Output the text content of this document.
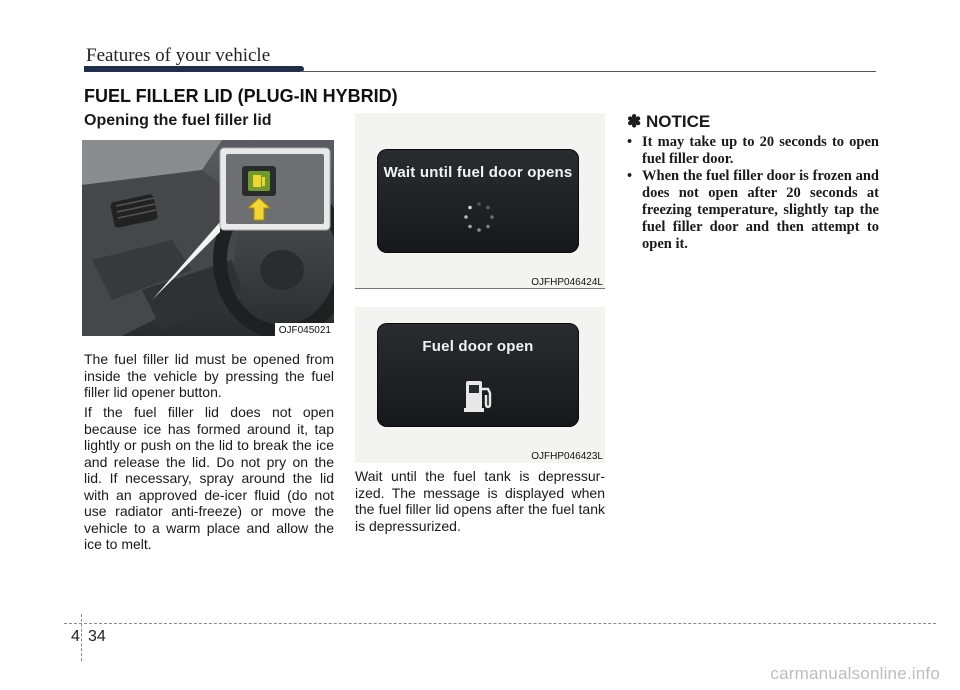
Features of your vehicle
FUEL FILLER LID (PLUG-IN HYBRID)
Opening the fuel filler lid
OJF045021
The fuel filler lid must be opened from inside the vehicle by pressing the fuel filler lid opener button.
If the fuel filler lid does not open because ice has formed around it, tap lightly or push on the lid to break the ice and release the lid. Do not pry on the lid. If necessary, spray around the lid with an approved de-icer fluid (do not use radiator anti-freeze) or move the vehicle to a warm place and allow the ice to melt.
Wait until fuel door opens
OJFHP046424L
Fuel door open
OJFHP046423L
Wait until the fuel tank is depressur-ized. The message is displayed when the fuel filler lid opens after the fuel tank is depressurized.
✽ NOTICE
• It may take up to 20 seconds to open fuel filler door.
• When the fuel filler door is frozen and does not open after 20 seconds at freezing temperature, slightly tap the fuel filler door and then attempt to open it.
4 34
carmanualsonline.info
